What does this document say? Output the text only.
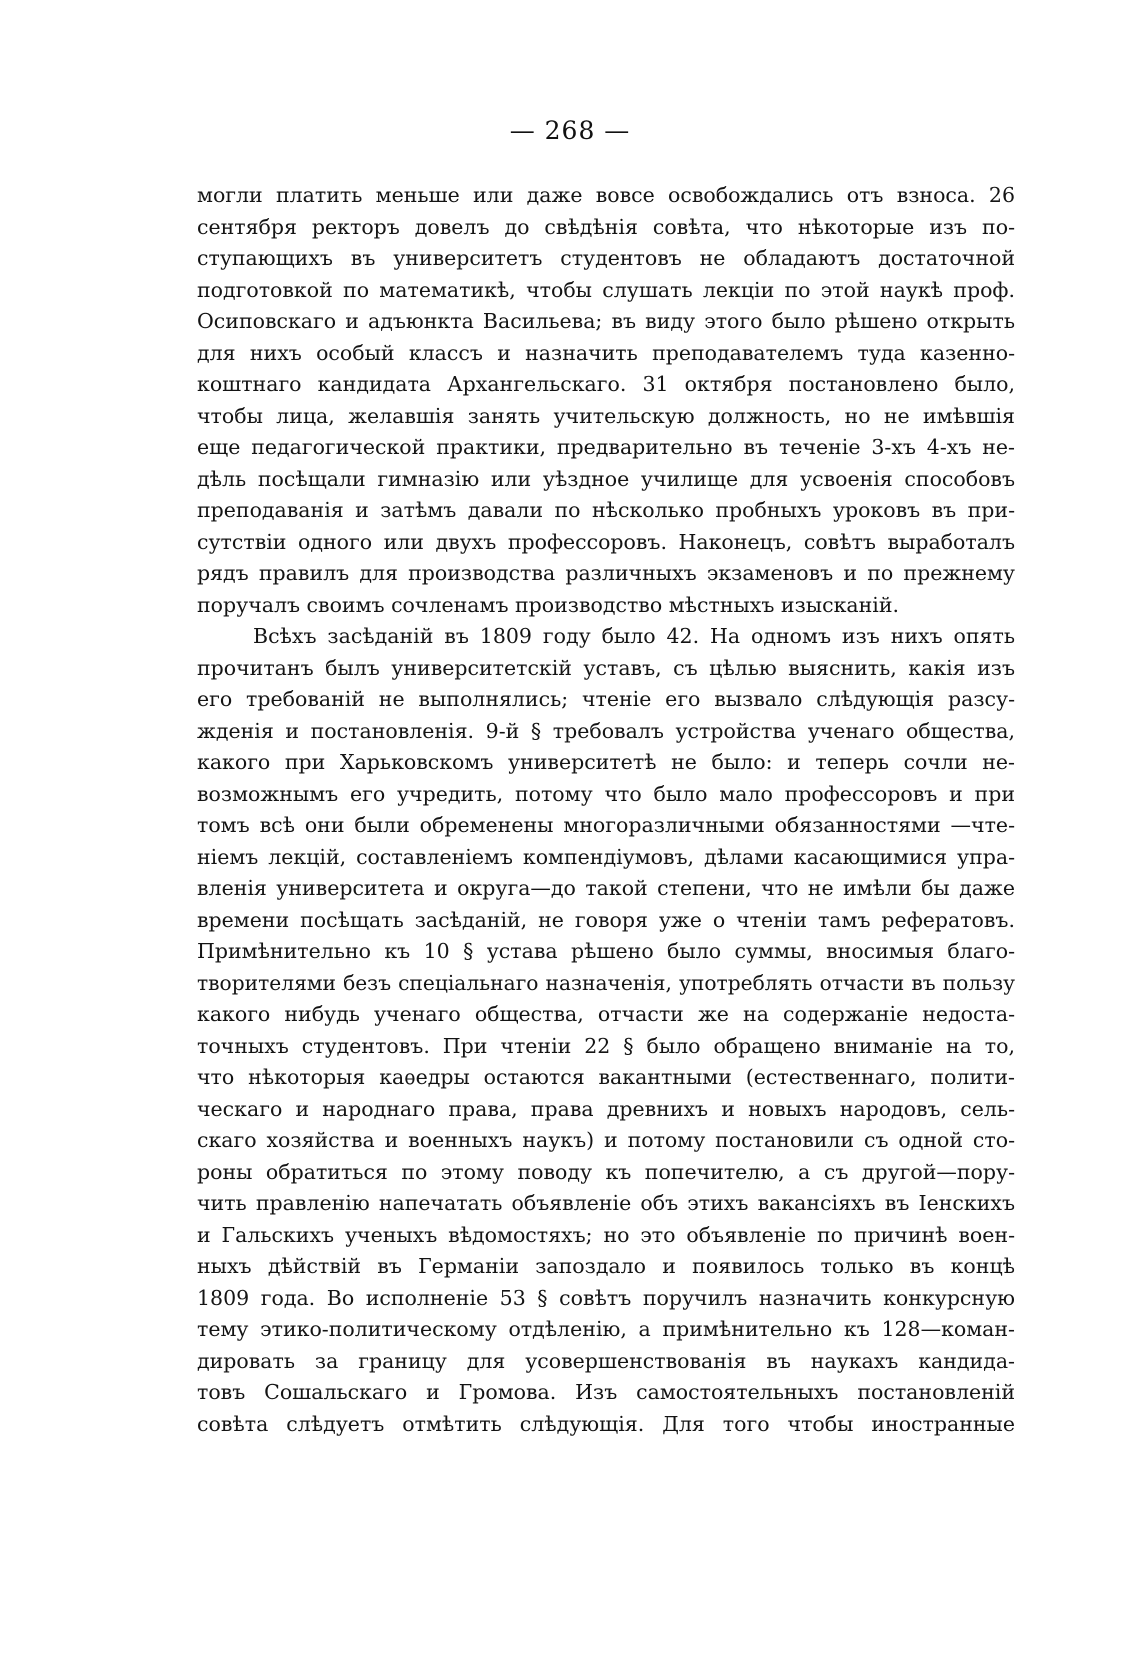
— 268 —
могли платить меньше или даже вовсе освобождались отъ взноса. 26
сентября ректоръ довелъ до свѣдѣнія совѣта, что нѣкоторые изъ по-
ступающихъ въ университетъ студентовъ не обладаютъ достаточной
подготовкой по математикѣ, чтобы слушать лекціи по этой наукѣ проф.
Осиповскаго и адъюнкта Васильева; въ виду этого было рѣшено открыть
для нихъ особый классъ и назначить преподавателемъ туда казенно-
коштнаго кандидата Архангельскаго. 31 октября постановлено было,
чтобы лица, желавшія занять учительскую должность, но не имѣвшія
еще педагогической практики, предварительно въ теченіе 3-хъ 4-хъ не-
дѣль посѣщали гимназію или уѣздное училище для усвоенія способовъ
преподаванія и затѣмъ давали по нѣсколько пробныхъ уроковъ въ при-
сутствіи одного или двухъ профессоровъ. Наконецъ, совѣтъ выработалъ
рядъ правилъ для производства различныхъ экзаменовъ и по прежнему
поручалъ своимъ сочленамъ производство мѣстныхъ изысканій.
Всѣхъ засѣданій въ 1809 году было 42. На одномъ изъ нихъ опять
прочитанъ былъ университетскій уставъ, съ цѣлью выяснить, какія изъ
его требованій не выполнялись; чтеніе его вызвало слѣдующія разсу-
жденія и постановленія. 9-й § требовалъ устройства ученаго общества,
какого при Харьковскомъ университетѣ не было: и теперь сочли не-
возможнымъ его учредить, потому что было мало профессоровъ и при
томъ всѣ они были обременены многоразличными обязанностями —чте-
ніемъ лекцій, составленіемъ компендіумовъ, дѣлами касающимися упра-
вленія университета и округа—до такой степени, что не имѣли бы даже
времени посѣщать засѣданій, не говоря уже о чтеніи тамъ рефератовъ.
Примѣнительно къ 10 § устава рѣшено было суммы, вносимыя благо-
творителями безъ спеціальнаго назначенія, употреблять отчасти въ пользу
какого нибудь ученаго общества, отчасти же на содержаніе недоста-
точныхъ студентовъ. При чтеніи 22 § было обращено вниманіе на то,
что нѣкоторыя каѳедры остаются вакантными (естественнаго, полити-
ческаго и народнаго права, права древнихъ и новыхъ народовъ, сель-
скаго хозяйства и военныхъ наукъ) и потому постановили съ одной сто-
роны обратиться по этому поводу къ попечителю, а съ другой—пору-
чить правленію напечатать объявленіе объ этихъ вакансіяхъ въ Іенскихъ
и Гальскихъ ученыхъ вѣдомостяхъ; но это объявленіе по причинѣ воен-
ныхъ дѣйствій въ Германіи запоздало и появилось только въ концѣ
1809 года. Во исполненіе 53 § совѣтъ поручилъ назначить конкурсную
тему этико-политическому отдѣленію, а примѣнительно къ 128—коман-
дировать за границу для усовершенствованія въ наукахъ кандида-
товъ Сошальскаго и Громова. Изъ самостоятельныхъ постановленій
совѣта слѣдуетъ отмѣтить слѣдующія. Для того чтобы иностранные
